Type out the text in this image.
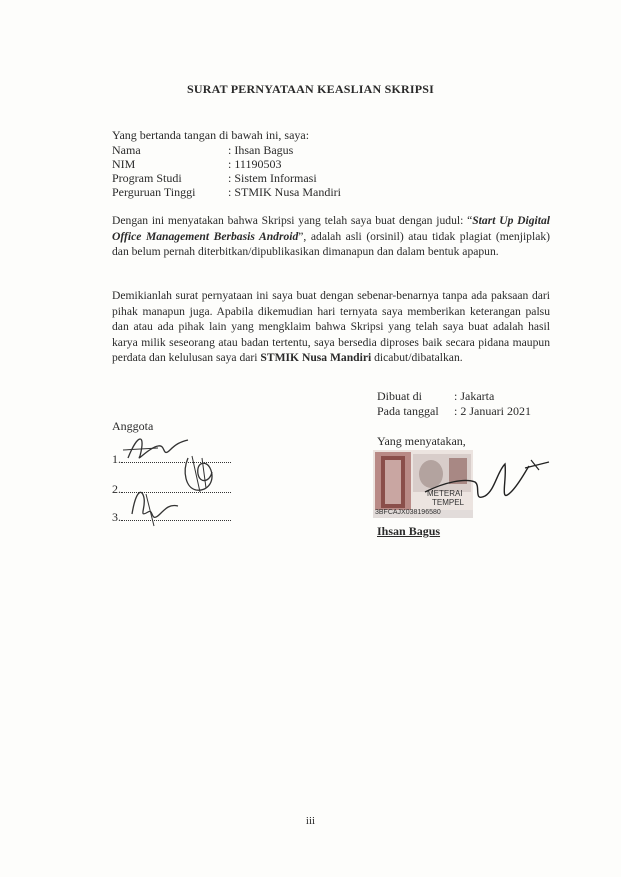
SURAT PERNYATAAN KEASLIAN SKRIPSI
Yang bertanda tangan di bawah ini, saya:
Nama	: Ihsan Bagus
NIM	: 11190503
Program Studi	: Sistem Informasi
Perguruan Tinggi	: STMIK Nusa Mandiri
Dengan ini menyatakan bahwa Skripsi yang telah saya buat dengan judul: “Start Up Digital Office Management Berbasis Android”, adalah asli (orsinil) atau tidak plagiat (menjiplak) dan belum pernah diterbitkan/dipublikasikan dimanapun dan dalam bentuk apapun.
Demikianlah surat pernyataan ini saya buat dengan sebenar-benarnya tanpa ada paksaan dari pihak manapun juga. Apabila dikemudian hari ternyata saya memberikan keterangan palsu dan atau ada pihak lain yang mengklaim bahwa Skripsi yang telah saya buat adalah hasil karya milik seseorang atau badan tertentu, saya bersedia diproses baik secara pidana maupun perdata dan kelulusan saya dari STMIK Nusa Mandiri dicabut/dibatalkan.
Dibuat di	: Jakarta
Pada tanggal : 2 Januari 2021
Anggota
1.
2.
3.
Yang menyatakan,
METERAI
TEMPEL
3BFCAJX038196580
Ihsan Bagus
iii
